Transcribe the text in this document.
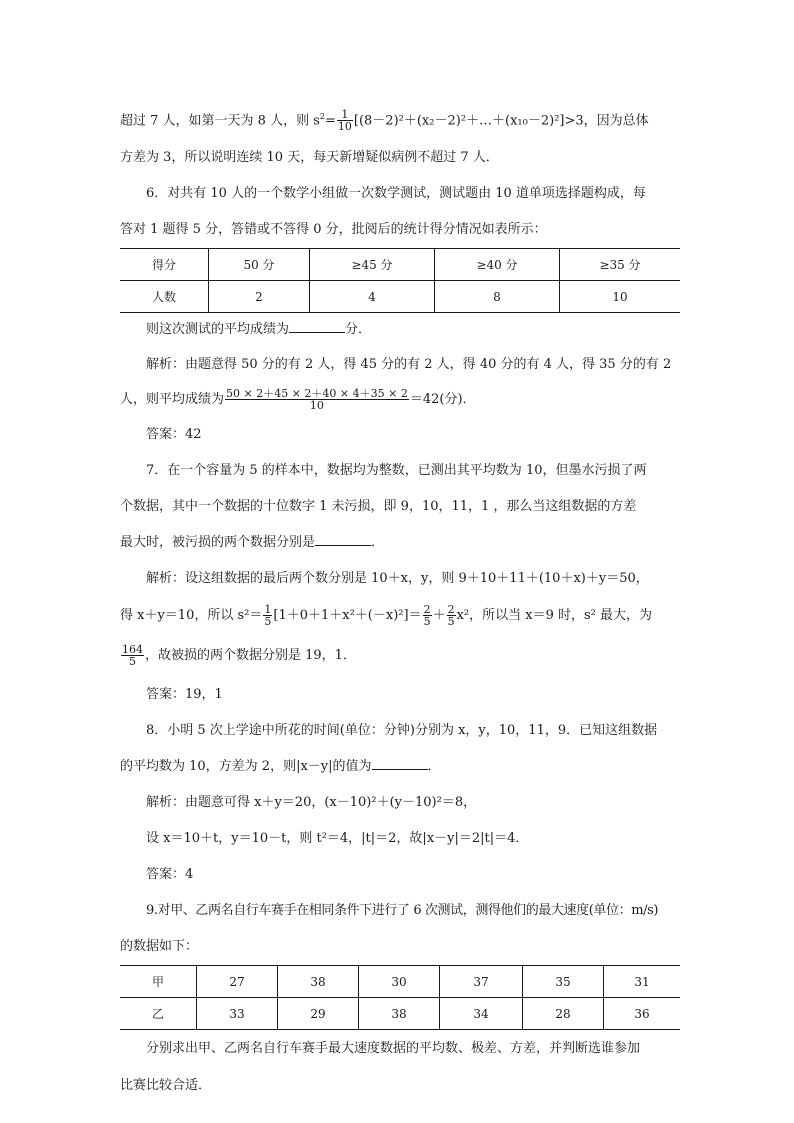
超过 7 人，如第一天为 8 人，则 $s^2= \frac{1}{10}$ [(8－2)²＋(x₂－2)²＋…＋(x₁₀－2)²]>3，因为总体

方差为 3，所以说明连续 10 天，每天新增疑似病例不超过 7 人．

6．对共有 10 人的一个数学小组做一次数学测试，测试题由 10 道单项选择题构成，每

答对 1 题得 5 分，答错或不答得 0 分，批阅后的统计得分情况如表所示：

得分	50 分	≥45 分	≥40 分	≥35 分
人数	2	4	8	10

则这次测试的平均成绩为	分．

解析：由题意得 50 分的有 2 人，得 45 分的有 2 人，得 40 分的有 4 人，得 35 分的有 2

人，则平均成绩为 $\frac{50 \times 2+45 \times 2+40 \times 4+35 \times 2}{10} =42$(分)．

答案：42

7．在一个容量为 5 的样本中，数据均为整数，已测出其平均数为 10，但墨水污损了两

个数据，其中一个数据的十位数字 1 未污损，即 9，10，11，1 ，那么当这组数据的方差

最大时，被污损的两个数据分别是	．

解析：设这组数据的最后两个数分别是 10＋x，y，则 9＋10＋11＋(10＋x)＋y＝50，

得 x＋y＝10，所以 $s^2= \frac{1}{5} [1+0+1+x^2+(-x)^2]= \frac{2}{5} + \frac{2}{5} x^2$，所以当 x＝9 时，s² 最大，为

$\frac{164}{5}$ ，故被损的两个数据分别是 19，1．

答案：19，1

8．小明 5 次上学途中所花的时间(单位：分钟)分别为 x，y，10，11，9．已知这组数据

的平均数为 10，方差为 2，则|x－y|的值为	．

解析：由题意可得 x＋y＝20，(x－10)²＋(y－10)²＝8，

设 x＝10＋t，y＝10－t，则 t²＝4，|t|＝2，故|x－y|＝2|t|＝4．

答案：4

9.对甲、乙两名自行车赛手在相同条件下进行了 6 次测试，测得他们的最大速度(单位：m/s)

的数据如下：

甲	27	38	30	37	35	31
乙	33	29	38	34	28	36

分别求出甲、乙两名自行车赛手最大速度数据的平均数、极差、方差，并判断选谁参加

比赛比较合适．
